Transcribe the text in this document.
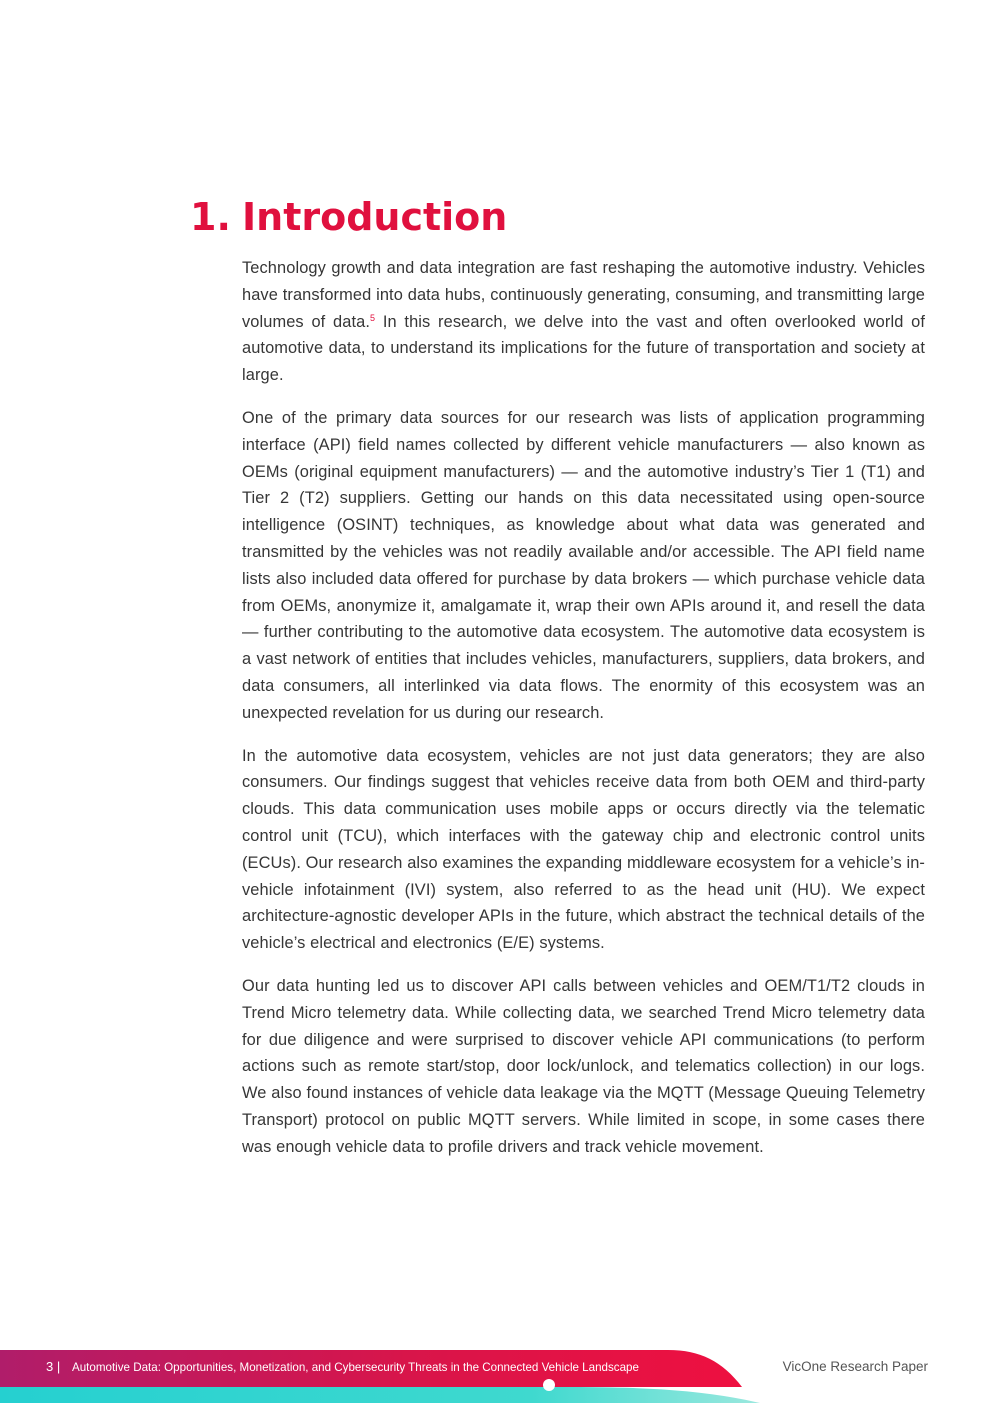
1. Introduction

Technology growth and data integration are fast reshaping the automotive industry. Vehicles have transformed into data hubs, continuously generating, consuming, and transmitting large volumes of data.$^5$ In this research, we delve into the vast and often overlooked world of automotive data, to understand its implications for the future of transportation and society at large.

One of the primary data sources for our research was lists of application programming interface (API) field names collected by different vehicle manufacturers — also known as OEMs (original equipment manufacturers) — and the automotive industry’s Tier 1 (T1) and Tier 2 (T2) suppliers. Getting our hands on this data necessitated using open-source intelligence (OSINT) techniques, as knowledge about what data was generated and transmitted by the vehicles was not readily available and/or accessible. The API field name lists also included data offered for purchase by data brokers — which purchase vehicle data from OEMs, anonymize it, amalgamate it, wrap their own APIs around it, and resell the data — further contributing to the automotive data ecosystem. The automotive data ecosystem is a vast network of entities that includes vehicles, manufacturers, suppliers, data brokers, and data consumers, all interlinked via data flows. The enormity of this ecosystem was an unexpected revelation for us during our research.

In the automotive data ecosystem, vehicles are not just data generators; they are also consumers. Our findings suggest that vehicles receive data from both OEM and third-party clouds. This data communication uses mobile apps or occurs directly via the telematic control unit (TCU), which interfaces with the gateway chip and electronic control units (ECUs). Our research also examines the expanding middleware ecosystem for a vehicle’s in-vehicle infotainment (IVI) system, also referred to as the head unit (HU). We expect architecture-agnostic developer APIs in the future, which abstract the technical details of the vehicle’s electrical and electronics (E/E) systems.

Our data hunting led us to discover API calls between vehicles and OEM/T1/T2 clouds in Trend Micro telemetry data. While collecting data, we searched Trend Micro telemetry data for due diligence and were surprised to discover vehicle API communications (to perform actions such as remote start/stop, door lock/unlock, and telematics collection) in our logs. We also found instances of vehicle data leakage via the MQTT (Message Queuing Telemetry Transport) protocol on public MQTT servers. While limited in scope, in some cases there was enough vehicle data to profile drivers and track vehicle movement.

3 | Automotive Data: Opportunities, Monetization, and Cybersecurity Threats in the Connected Vehicle Landscape	VicOne Research Paper
